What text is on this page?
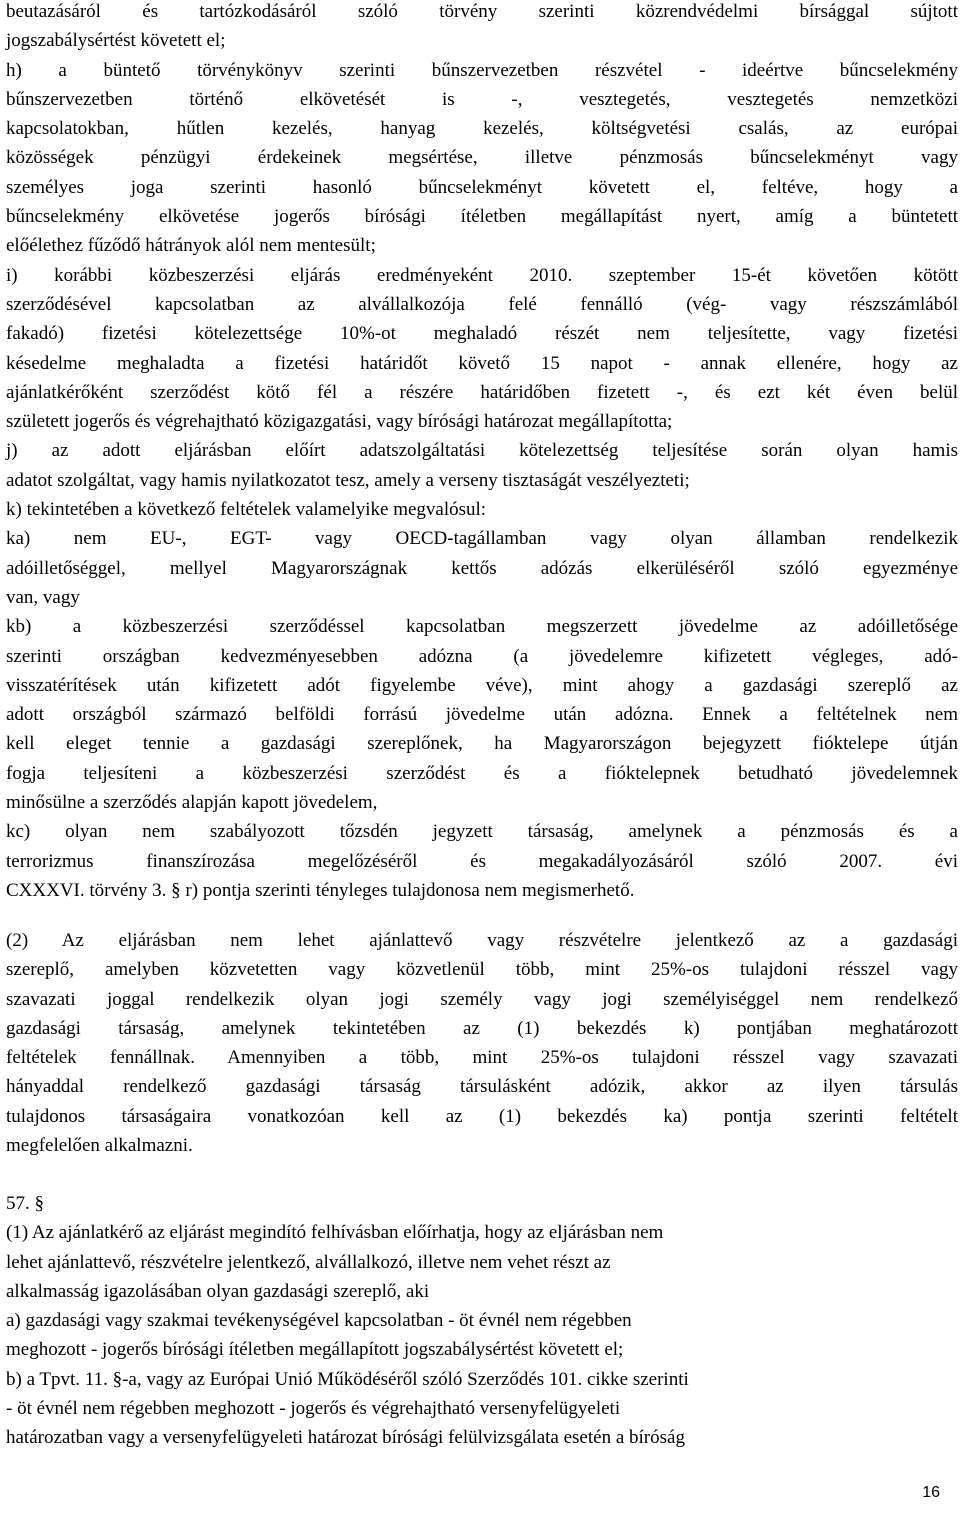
beutazásáról és tartózkodásáról szóló törvény szerinti közrendvédelmi bírsággal sújtott
jogszabálysértést követett el;
h) a büntető törvénykönyv szerinti bűnszervezetben részvétel - ideértve bűncselekmény
bűnszervezetben történő elkövetését is -, vesztegetés, vesztegetés nemzetközi
kapcsolatokban, hűtlen kezelés, hanyag kezelés, költségvetési csalás, az európai
közösségek pénzügyi érdekeinek megsértése, illetve pénzmosás bűncselekményt vagy
személyes joga szerinti hasonló bűncselekményt követett el, feltéve, hogy a
bűncselekmény elkövetése jogerős bírósági ítéletben megállapítást nyert, amíg a büntetett
előélethez fűződő hátrányok alól nem mentesült;
i) korábbi közbeszerzési eljárás eredményeként 2010. szeptember 15-ét követően kötött
szerződésével kapcsolatban az alvállalkozója felé fennálló (vég- vagy részszámlából
fakadó) fizetési kötelezettsége 10%-ot meghaladó részét nem teljesítette, vagy fizetési
késedelme meghaladta a fizetési határidőt követő 15 napot - annak ellenére, hogy az
ajánlatkérőként szerződést kötő fél a részére határidőben fizetett -, és ezt két éven belül
született jogerős és végrehajtható közigazgatási, vagy bírósági határozat megállapította;
j) az adott eljárásban előírt adatszolgáltatási kötelezettség teljesítése során olyan hamis
adatot szolgáltat, vagy hamis nyilatkozatot tesz, amely a verseny tisztaságát veszélyezteti;
k) tekintetében a következő feltételek valamelyike megvalósul:
ka) nem EU-, EGT- vagy OECD-tagállamban vagy olyan államban rendelkezik
adóilletőséggel, mellyel Magyarországnak kettős adózás elkerüléséről szóló egyezménye
van, vagy
kb) a közbeszerzési szerződéssel kapcsolatban megszerzett jövedelme az adóilletősége
szerinti országban kedvezményesebben adózna (a jövedelemre kifizetett végleges, adó-
visszatérítések után kifizetett adót figyelembe véve), mint ahogy a gazdasági szereplő az
adott országból származó belföldi forrású jövedelme után adózna. Ennek a feltételnek nem
kell eleget tennie a gazdasági szereplőnek, ha Magyarországon bejegyzett fióktelepe útján
fogja teljesíteni a közbeszerzési szerződést és a fióktelepnek betudható jövedelemnek
minősülne a szerződés alapján kapott jövedelem,
kc) olyan nem szabályozott tőzsdén jegyzett társaság, amelynek a pénzmosás és a
terrorizmus finanszírozása megelőzéséről és megakadályozásáról szóló 2007. évi
CXXXVI. törvény 3. § r) pontja szerinti tényleges tulajdonosa nem megismerhető.
(2) Az eljárásban nem lehet ajánlattevő vagy részvételre jelentkező az a gazdasági
szereplő, amelyben közvetetten vagy közvetlenül több, mint 25%-os tulajdoni résszel vagy
szavazati joggal rendelkezik olyan jogi személy vagy jogi személyiséggel nem rendelkező
gazdasági társaság, amelynek tekintetében az (1) bekezdés k) pontjában meghatározott
feltételek fennállnak. Amennyiben a több, mint 25%-os tulajdoni résszel vagy szavazati
hányaddal rendelkező gazdasági társaság társulásként adózik, akkor az ilyen társulás
tulajdonos társaságaira vonatkozóan kell az (1) bekezdés ka) pontja szerinti feltételt
megfelelően alkalmazni.
57. §
(1) Az ajánlatkérő az eljárást megindító felhívásban előírhatja, hogy az eljárásban nem
lehet ajánlattevő, részvételre jelentkező, alvállalkozó, illetve nem vehet részt az
alkalmasság igazolásában olyan gazdasági szereplő, aki
a) gazdasági vagy szakmai tevékenységével kapcsolatban - öt évnél nem régebben
meghozott - jogerős bírósági ítéletben megállapított jogszabálysértést követett el;
b) a Tpvt. 11. §-a, vagy az Európai Unió Működéséről szóló Szerződés 101. cikke szerinti
- öt évnél nem régebben meghozott - jogerős és végrehajtható versenyfelügyeleti
határozatban vagy a versenyfelügyeleti határozat bírósági felülvizsgálata esetén a bíróság
16
